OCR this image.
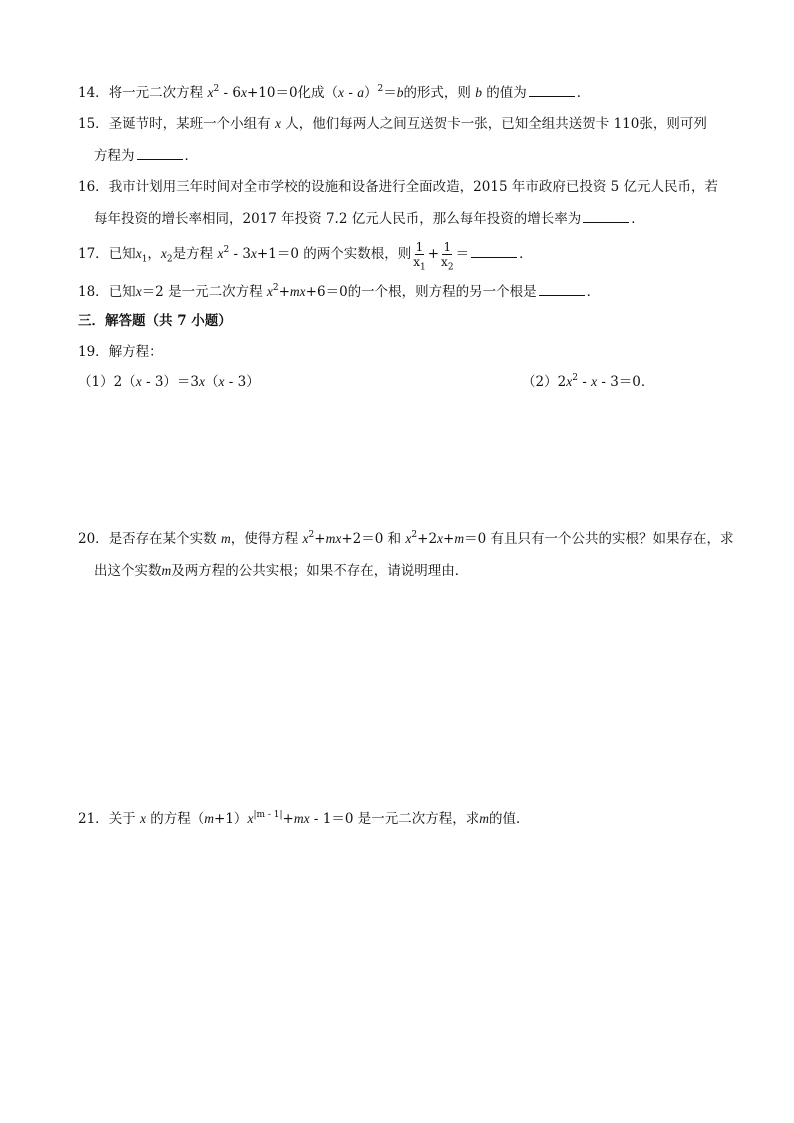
14．将一元二次方程 $x^2 - 6x+10=0$化成（x - a）$^2$＝b的形式，则 b 的值为	．
15．圣诞节时，某班一个小组有 x 人，他们每两人之间互送贺卡一张，已知全组共送贺卡 110张，则可列
方程为	．
16．我市计划用三年时间对全市学校的设施和设备进行全面改造，2015 年市政府已投资 5 亿元人民币，若
每年投资的增长率相同，2017 年投资 7.2 亿元人民币，那么每年投资的增长率为	．
17．已知$x_1$，$x_2$是方程 $x^2 - 3x+1=0$ 的两个实数根，则 $\frac{1}{x_1} + \frac{1}{x_2}$ ＝	．
18．已知x＝2 是一元二次方程 $x^2+mx+6=0$的一个根，则方程的另一个根是	．
三．解答题（共 7 小题）
19．解方程：
（1）2（x - 3）＝3x（x - 3）	$(2)2x^2 - x - 3=0$．
20．是否存在某个实数 m，使得方程 $x^2+mx+2=0$ 和 $x^2+2x+m=0$ 有且只有一个公共的实根？如果存在，求
出这个实数m及两方程的公共实根；如果不存在，请说明理由．
21．关于 x 的方程$(m+1)x^{|m - 1|}+mx - 1=0$ 是一元二次方程，求m的值．
